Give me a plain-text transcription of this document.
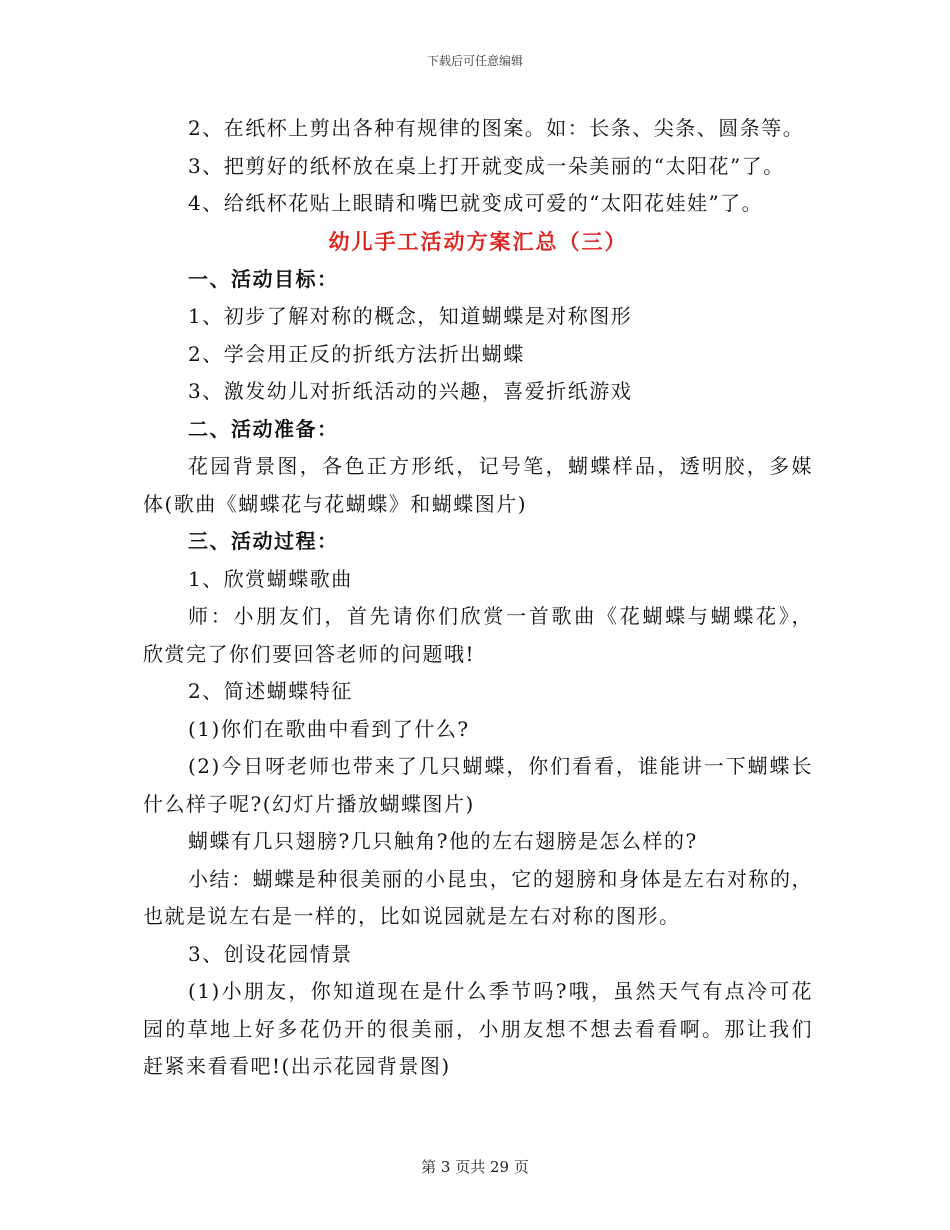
下载后可任意编辑

2、在纸杯上剪出各种有规律的图案。如：长条、尖条、圆条等。

3、把剪好的纸杯放在桌上打开就变成一朵美丽的“太阳花”了。

4、给纸杯花贴上眼睛和嘴巴就变成可爱的“太阳花娃娃”了。

幼儿手工活动方案汇总（三）

一、活动目标：

1、初步了解对称的概念，知道蝴蝶是对称图形

2、学会用正反的折纸方法折出蝴蝶

3、激发幼儿对折纸活动的兴趣，喜爱折纸游戏

二、活动准备：

花园背景图，各色正方形纸，记号笔，蝴蝶样品，透明胶，多媒

体(歌曲《蝴蝶花与花蝴蝶》和蝴蝶图片)

三、活动过程：

1、欣赏蝴蝶歌曲

师：小朋友们，首先请你们欣赏一首歌曲《花蝴蝶与蝴蝶花》，

欣赏完了你们要回答老师的问题哦!

2、简述蝴蝶特征

(1)你们在歌曲中看到了什么?

(2)今日呀老师也带来了几只蝴蝶，你们看看，谁能讲一下蝴蝶长

什么样子呢?(幻灯片播放蝴蝶图片)

蝴蝶有几只翅膀?几只触角?他的左右翅膀是怎么样的?

小结：蝴蝶是种很美丽的小昆虫，它的翅膀和身体是左右对称的，

也就是说左右是一样的，比如说园就是左右对称的图形。

3、创设花园情景

(1)小朋友，你知道现在是什么季节吗?哦，虽然天气有点冷可花

园的草地上好多花仍开的很美丽，小朋友想不想去看看啊。那让我们

赶紧来看看吧!(出示花园背景图)

第 3 页共 29 页
